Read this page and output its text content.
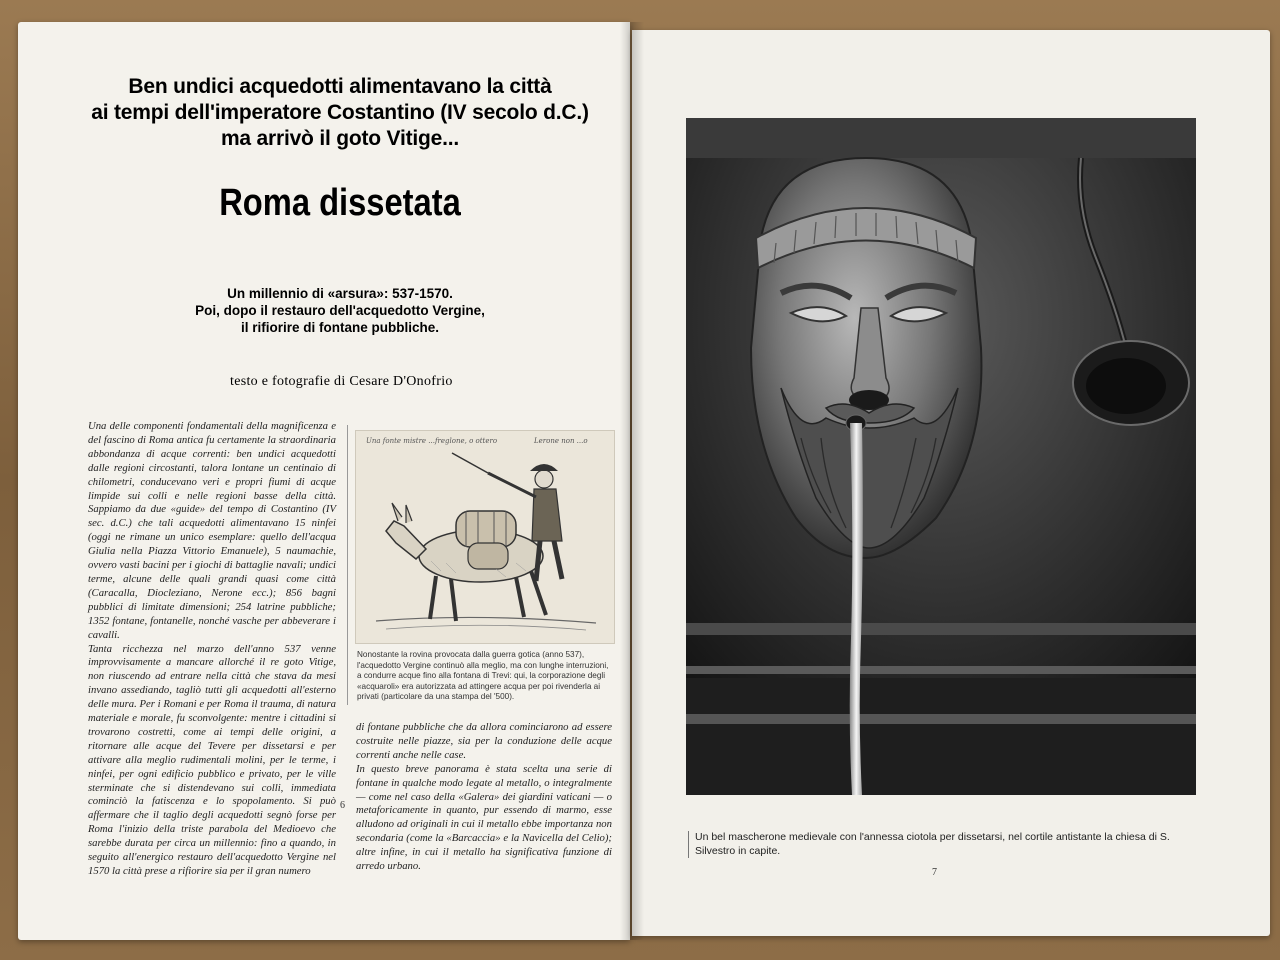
Ben undici acquedotti alimentavano la città
ai tempi dell'imperatore Costantino (IV secolo d.C.)
ma arrivò il goto Vitige...
Roma dissetata
Un millennio di «arsura»: 537-1570.
Poi, dopo il restauro dell'acquedotto Vergine,
il rifiorire di fontane pubbliche.
testo e fotografie di Cesare D'Onofrio

Una delle componenti fondamentali della magnificenza e del fascino di Roma antica fu certamente la straordinaria abbondanza di acque correnti: ben undici acquedotti dalle regioni circostanti, talora lontane un centinaio di chilometri, conducevano veri e propri fiumi di acque limpide sui colli e nelle regioni basse della città. Sappiamo da due «guide» del tempo di Costantino (IV sec. d.C.) che tali acquedotti alimentavano 15 ninfei (oggi ne rimane un unico esemplare: quello dell'acqua Giulia nella Piazza Vittorio Emanuele), 5 naumachie, ovvero vasti bacini per i giochi di battaglie navali; undici terme, alcune delle quali grandi quasi come città (Caracalla, Diocleziano, Nerone ecc.); 856 bagni pubblici di limitate dimensioni; 254 latrine pubbliche; 1352 fontane, fontanelle, nonché vasche per abbeverare i cavalli.

Tanta ricchezza nel marzo dell'anno 537 venne improvvisamente a mancare allorché il re goto Vitige, non riuscendo ad entrare nella città che stava da mesi invano assediando, tagliò tutti gli acquedotti all'esterno delle mura. Per i Romani e per Roma il trauma, di natura materiale e morale, fu sconvolgente: mentre i cittadini si trovarono costretti, come ai tempi delle origini, a ritornare alle acque del Tevere per dissetarsi e per attivare alla meglio rudimentali molini, per le terme, i ninfei, per ogni edificio pubblico e privato, per le ville sterminate che si distendevano sui colli, immediata cominciò la fatiscenza e lo spopolamento. Si può affermare che il taglio degli acquedotti segnò forse per Roma l'inizio della triste parabola del Medioevo che sarebbe durata per circa un millennio: fino a quando, in seguito all'energico restauro dell'acquedotto Vergine nel 1570 la città prese a rifiorire sia per il gran numero

Una fonte mistre ...freglone, o ottero	Lerone non ...o
Nonostante la rovina provocata dalla guerra gotica (anno 537), l'acquedotto Vergine continuò alla meglio, ma con lunghe interruzioni, a condurre acque fino alla fontana di Trevi: qui, la corporazione degli «acquaroli» era autorizzata ad attingere acqua per poi rivenderla ai privati (particolare da una stampa del '500).

di fontane pubbliche che da allora cominciarono ad essere costruite nelle piazze, sia per la conduzione delle acque correnti anche nelle case.

In questo breve panorama è stata scelta una serie di fontane in qualche modo legate al metallo, o integralmente — come nel caso della «Galera» dei giardini vaticani — o metaforicamente in quanto, pur essendo di marmo, esse alludono ad originali in cui il metallo ebbe importanza non secondaria (come la «Barcaccia» e la Navicella del Celio); altre infine, in cui il metallo ha significativa funzione di arredo urbano.

6
Un bel mascherone medievale con l'annessa ciotola per dissetarsi, nel cortile antistante la chiesa di S. Silvestro in capite.
7
